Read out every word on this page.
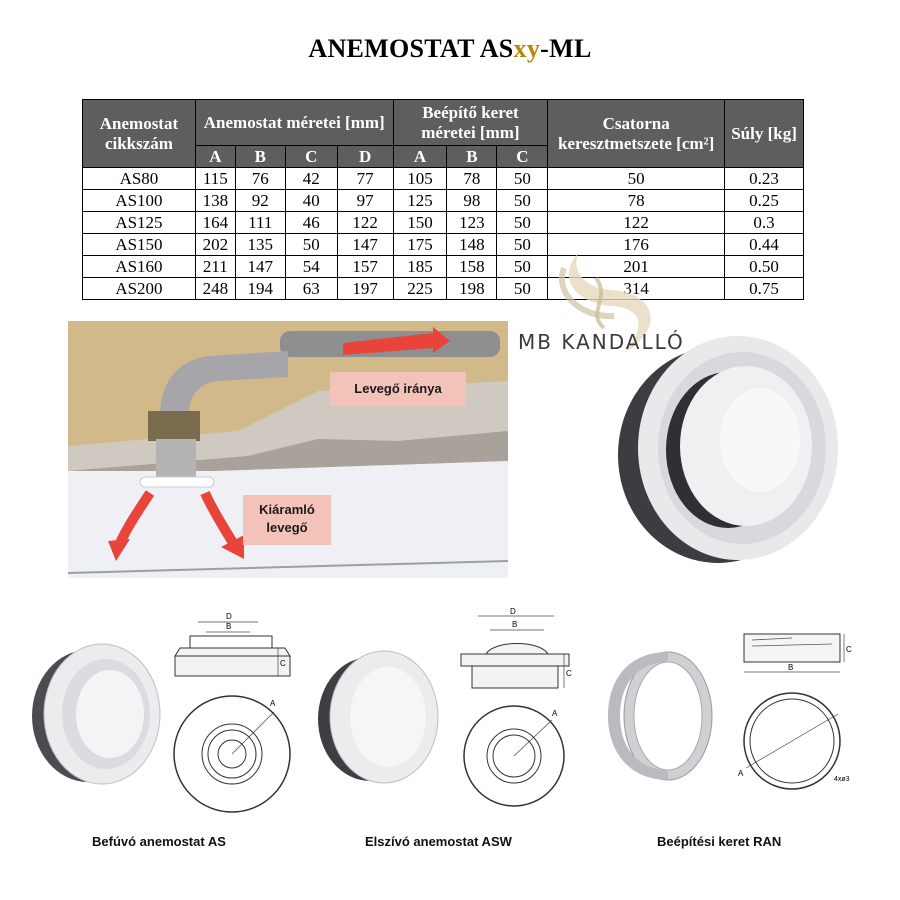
ANEMOSTAT ASxy-ML
Anemostat cikkszám	Anemostat méretei [mm]				Beépítő keret méretei [mm]			Csatorna keresztmetszete [cm²]	Súly [kg]
	A	B	C	D	A	B	C		
AS80	115	76	42	77	105	78	50	50	0.23
AS100	138	92	40	97	125	98	50	78	0.25
AS125	164	111	46	122	150	123	50	122	0.3
AS150	202	135	50	147	175	148	50	176	0.44
AS160	211	147	54	157	185	158	50	201	0.50
AS200	248	194	63	197	225	198	50	314	0.75
MB KANDALLÓ
Levegő iránya
Kiáramló levegő
D
B
C
A
Befúvó anemostat AS
D
B
C
A
Elszívó anemostat ASW
C
B
A
4xø3
Beépítési keret RAN
